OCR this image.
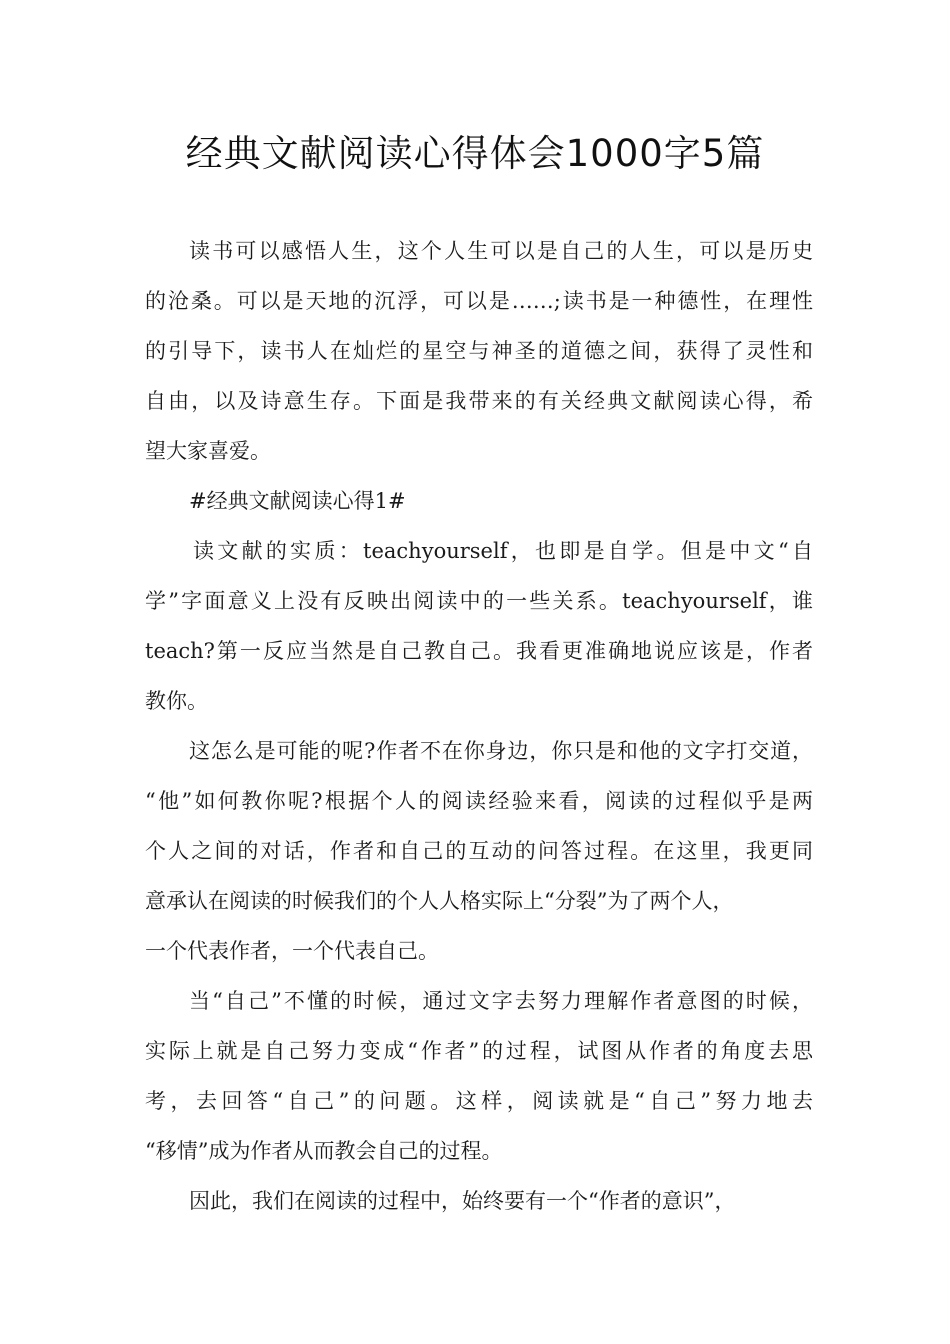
经典文献阅读心得体会1000字5篇
读书可以感悟人生，这个人生可以是自己的人生，可以是历史
的沧桑。可以是天地的沉浮，可以是……;读书是一种德性，在理性
的引导下，读书人在灿烂的星空与神圣的道德之间，获得了灵性和
自由，以及诗意生存。下面是我带来的有关经典文献阅读心得，希
望大家喜爱。
#经典文献阅读心得1#
读文献的实质：teachyourself，也即是自学。但是中文“自
学”字面意义上没有反映出阅读中的一些关系。teachyourself，谁
teach?第一反应当然是自己教自己。我看更准确地说应该是，作者
教你。
这怎么是可能的呢?作者不在你身边，你只是和他的文字打交道，
“他”如何教你呢?根据个人的阅读经验来看，阅读的过程似乎是两
个人之间的对话，作者和自己的互动的问答过程。在这里，我更同
意承认在阅读的时候我们的个人人格实际上“分裂”为了两个人，
一个代表作者，一个代表自己。
当“自己”不懂的时候，通过文字去努力理解作者意图的时候，
实际上就是自己努力变成“作者”的过程，试图从作者的角度去思
考，去回答“自己”的问题。这样，阅读就是“自己”努力地去
“移情”成为作者从而教会自己的过程。
因此，我们在阅读的过程中，始终要有一个“作者的意识”，
